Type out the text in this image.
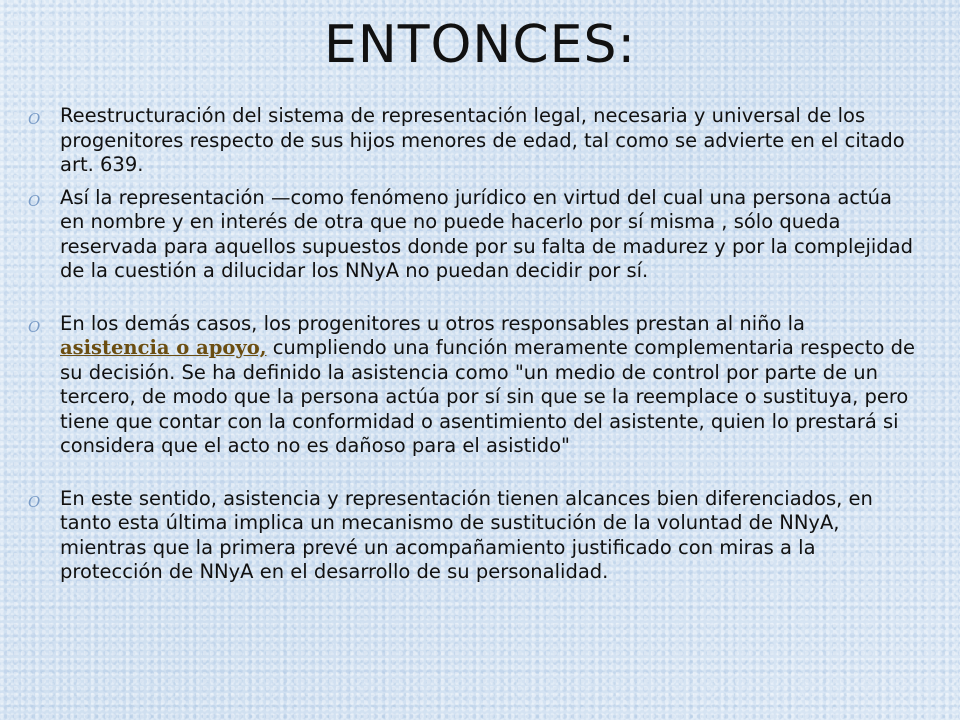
ENTONCES:
O Reestructuración del sistema de representación legal, necesaria y universal de los progenitores respecto de sus hijos menores de edad, tal como se advierte en el citado art. 639.
O Así la representación —como fenómeno jurídico en virtud del cual una persona actúa en nombre y en interés de otra que no puede hacerlo por sí misma , sólo queda reservada para aquellos supuestos donde por su falta de madurez y por la complejidad de la cuestión a dilucidar los NNyA no puedan decidir por sí.
O En los demás casos, los progenitores u otros responsables prestan al niño la asistencia o apoyo, cumpliendo una función meramente complementaria respecto de su decisión. Se ha definido la asistencia como "un medio de control por parte de un tercero, de modo que la persona actúa por sí sin que se la reemplace o sustituya, pero tiene que contar con la conformidad o asentimiento del asistente, quien lo prestará si considera que el acto no es dañoso para el asistido"
O En este sentido, asistencia y representación tienen alcances bien diferenciados, en tanto esta última implica un mecanismo de sustitución de la voluntad de NNyA, mientras que la primera prevé un acompañamiento justificado con miras a la protección de NNyA en el desarrollo de su personalidad.
